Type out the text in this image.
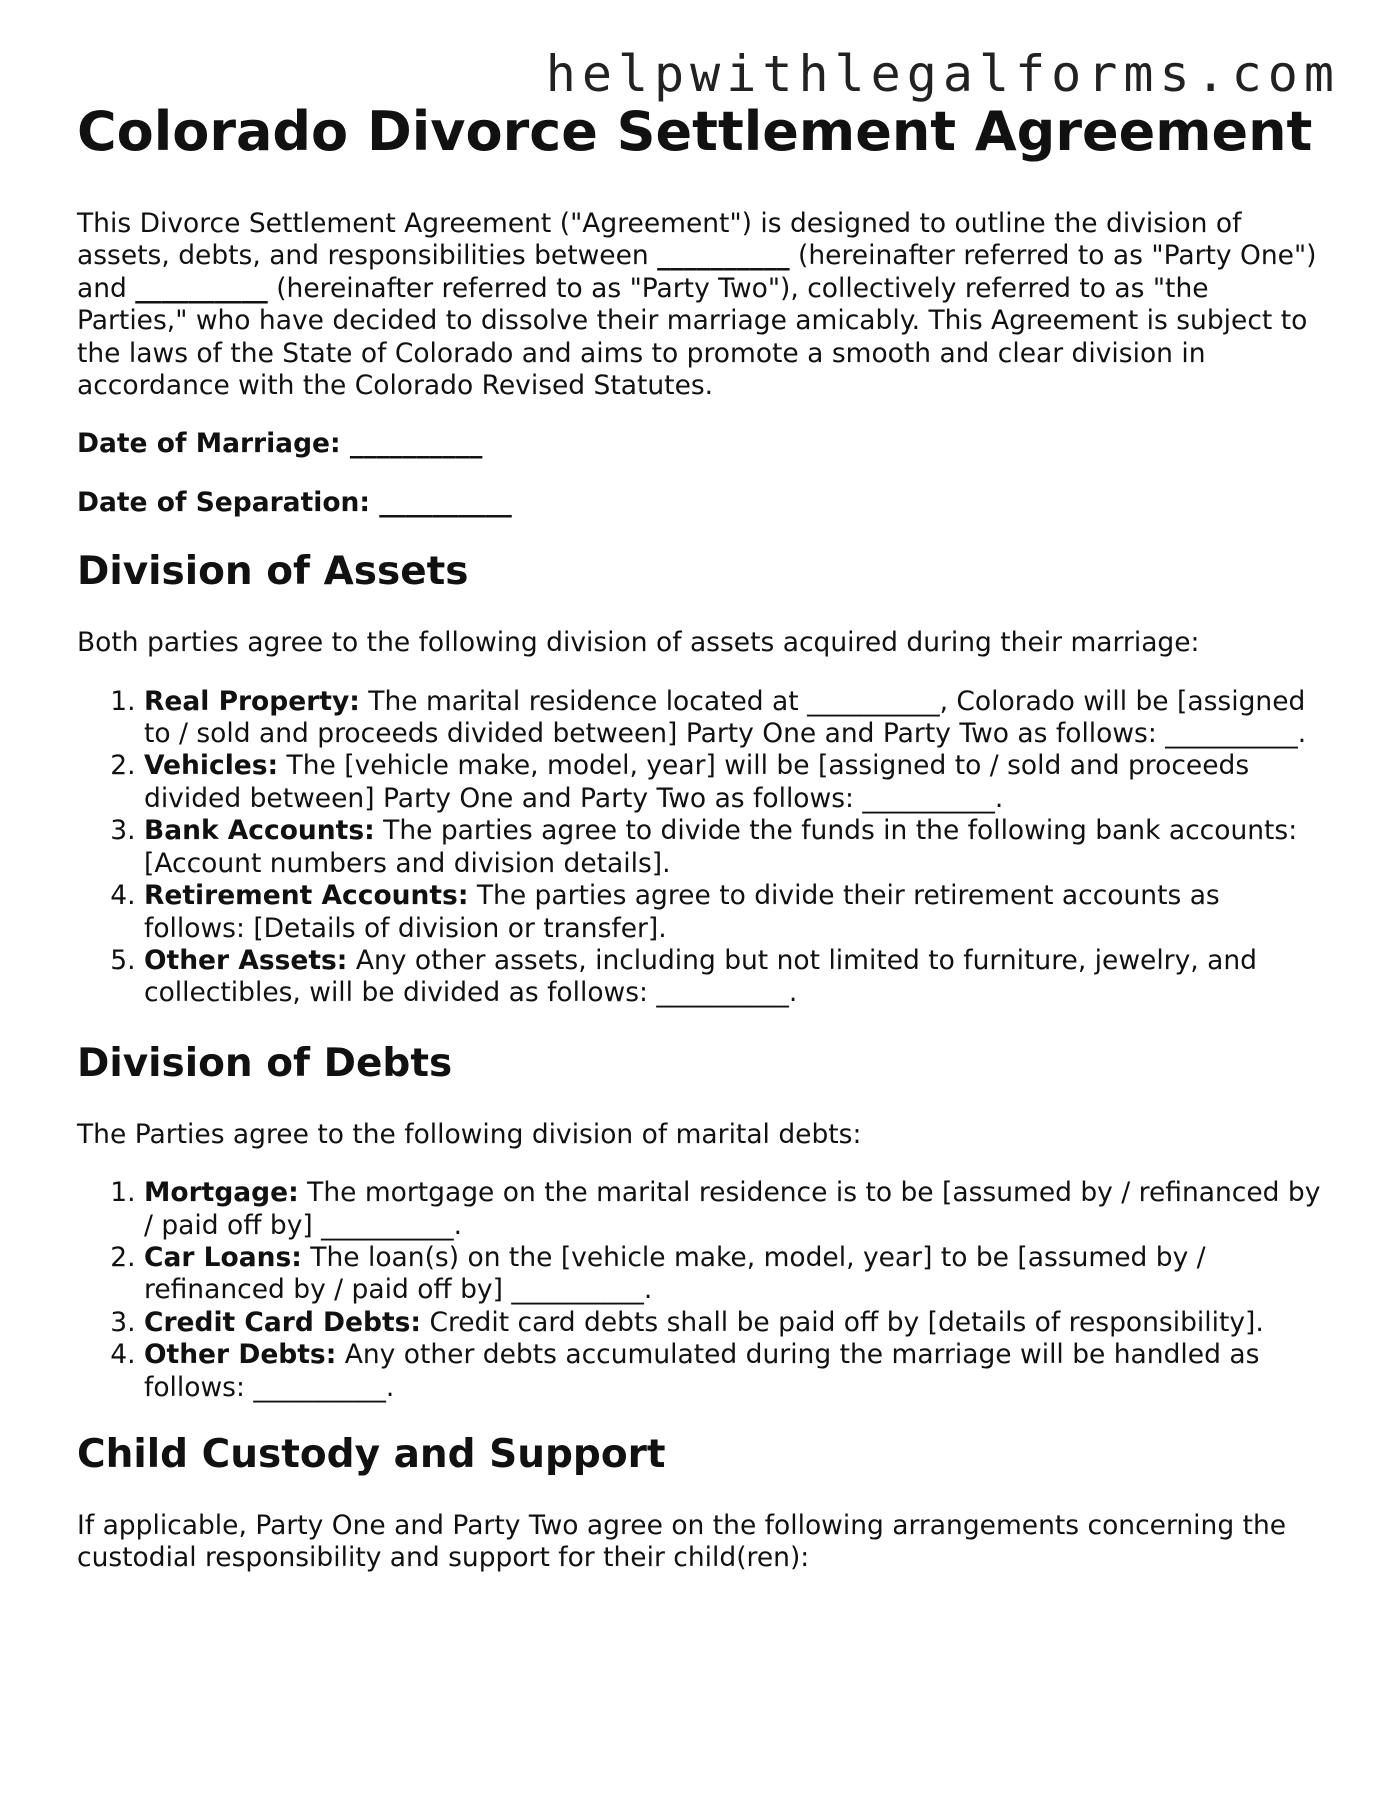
helpwithlegalforms.com
Colorado Divorce Settlement Agreement

This Divorce Settlement Agreement ("Agreement") is designed to outline the division of assets, debts, and responsibilities between __________ (hereinafter referred to as "Party One") and __________ (hereinafter referred to as "Party Two"), collectively referred to as "the Parties," who have decided to dissolve their marriage amicably. This Agreement is subject to the laws of the State of Colorado and aims to promote a smooth and clear division in accordance with the Colorado Revised Statutes.

Date of Marriage: __________

Date of Separation: __________

Division of Assets

Both parties agree to the following division of assets acquired during their marriage:

1. Real Property: The marital residence located at __________, Colorado will be [assigned to / sold and proceeds divided between] Party One and Party Two as follows: __________.
2. Vehicles: The [vehicle make, model, year] will be [assigned to / sold and proceeds divided between] Party One and Party Two as follows: __________.
3. Bank Accounts: The parties agree to divide the funds in the following bank accounts: [Account numbers and division details].
4. Retirement Accounts: The parties agree to divide their retirement accounts as follows: [Details of division or transfer].
5. Other Assets: Any other assets, including but not limited to furniture, jewelry, and collectibles, will be divided as follows: __________.
Division of Debts

The Parties agree to the following division of marital debts:

1. Mortgage: The mortgage on the marital residence is to be [assumed by / refinanced by / paid off by] __________.
2. Car Loans: The loan(s) on the [vehicle make, model, year] to be [assumed by / refinanced by / paid off by] __________.
3. Credit Card Debts: Credit card debts shall be paid off by [details of responsibility].
4. Other Debts: Any other debts accumulated during the marriage will be handled as follows: __________.
Child Custody and Support

If applicable, Party One and Party Two agree on the following arrangements concerning the custodial responsibility and support for their child(ren):
